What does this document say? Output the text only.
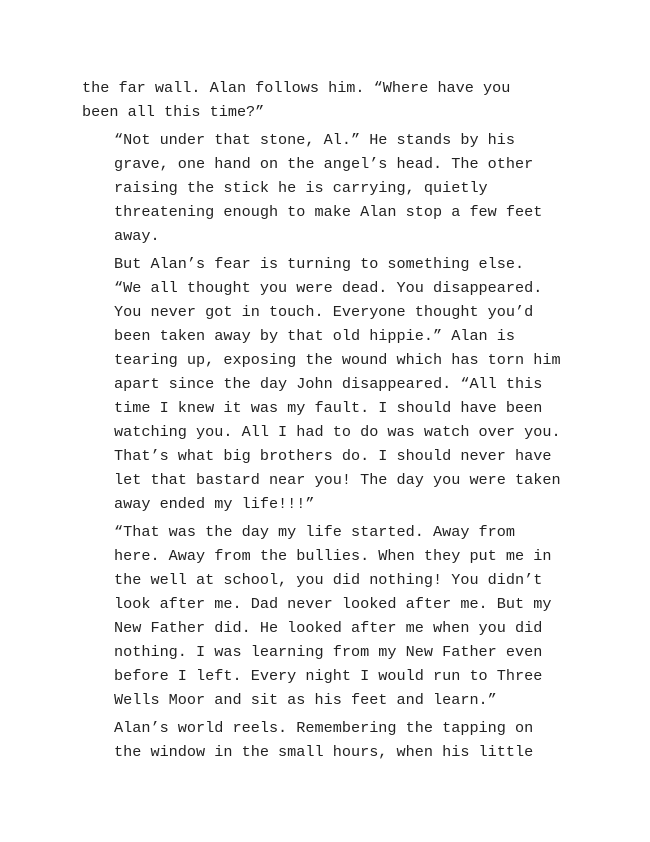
the far wall. Alan follows him. “Where have you
been all this time?”

“Not under that stone, Al.” He stands by his
grave, one hand on the angel’s head. The other
raising the stick he is carrying, quietly
threatening enough to make Alan stop a few feet
away.

But Alan’s fear is turning to something else.
“We all thought you were dead. You disappeared.
You never got in touch. Everyone thought you’d
been taken away by that old hippie.” Alan is
tearing up, exposing the wound which has torn him
apart since the day John disappeared. “All this
time I knew it was my fault. I should have been
watching you. All I had to do was watch over you.
That’s what big brothers do. I should never have
let that bastard near you! The day you were taken
away ended my life!!!”

“That was the day my life started. Away from
here. Away from the bullies. When they put me in
the well at school, you did nothing! You didn’t
look after me. Dad never looked after me. But my
New Father did. He looked after me when you did
nothing. I was learning from my New Father even
before I left. Every night I would run to Three
Wells Moor and sit as his feet and learn.”

Alan’s world reels. Remembering the tapping on
the window in the small hours, when his little
